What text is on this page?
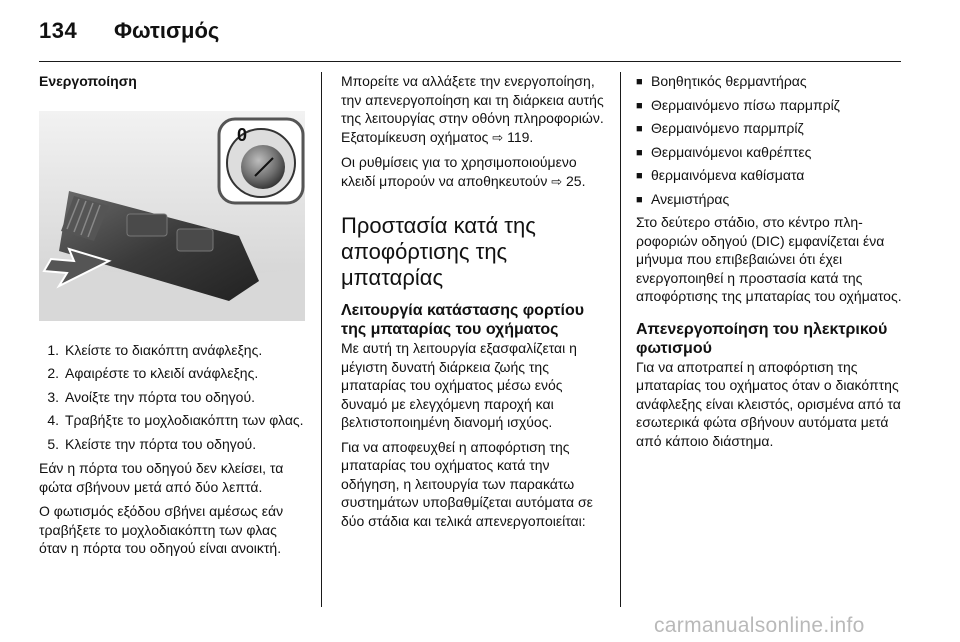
134 Φωτισμός
Ενεργοποίηση
0
1. Κλείστε το διακόπτη ανάφλεξης.
2. Αφαιρέστε το κλειδί ανάφλεξης.
3. Ανοίξτε την πόρτα του οδηγού.
4. Τραβήξτε το μοχλοδιακόπτη των φλας.
5. Κλείστε την πόρτα του οδηγού.

Εάν η πόρτα του οδηγού δεν κλείσει, τα φώτα σβήνουν μετά από δύο λεπτά.

Ο φωτισμός εξόδου σβήνει αμέσως εάν τραβήξετε το μοχλοδιακόπτη των φλας όταν η πόρτα του οδηγού είναι ανοικτή.

Μπορείτε να αλλάξετε την ενεργοποίηση, την απενεργοποίηση και τη διάρκεια αυτής της λειτουργίας στην οθόνη πληροφοριών. Εξατομίκευση οχήματος ⇨ 119.

Οι ρυθμίσεις για το χρησιμοποιούμενο κλειδί μπορούν να αποθηκευτούν ⇨ 25.

Προστασία κατά της αποφόρτισης της μπαταρίας
Λειτουργία κατάστασης φορτίου της μπαταρίας του οχήματος

Με αυτή τη λειτουργία εξασφαλίζεται η μέγιστη δυνατή διάρκεια ζωής της μπαταρίας του οχήματος μέσω ενός δυναμό με ελεγχόμενη παροχή και βελτιστοποιημένη διανομή ισχύος.

Για να αποφευχθεί η αποφόρτιση της μπαταρίας του οχήματος κατά την οδήγηση, η λειτουργία των παρακάτω συστημάτων υποβαθμίζεται αυτόματα σε δύο στάδια και τελικά απενεργοποιείται:

■ Βοηθητικός θερμαντήρας
■ Θερμαινόμενο πίσω παρμπρίζ
■ Θερμαινόμενο παρμπρίζ
■ Θερμαινόμενοι καθρέπτες
■ θερμαινόμενα καθίσματα
■ Ανεμιστήρας

Στο δεύτερο στάδιο, στο κέντρο πληροφοριών οδηγού (DIC) εμφανίζεται ένα μήνυμα που επιβεβαιώνει ότι έχει ενεργοποιηθεί η προστασία κατά της αποφόρτισης της μπαταρίας του οχήματος.

Απενεργοποίηση του ηλεκτρικού φωτισμού

Για να αποτραπεί η αποφόρτιση της μπαταρίας του οχήματος όταν ο διακόπτης ανάφλεξης είναι κλειστός, ορισμένα από τα εσωτερικά φώτα σβήνουν αυτόματα μετά από κάποιο διάστημα.

carmanualsonline.info
